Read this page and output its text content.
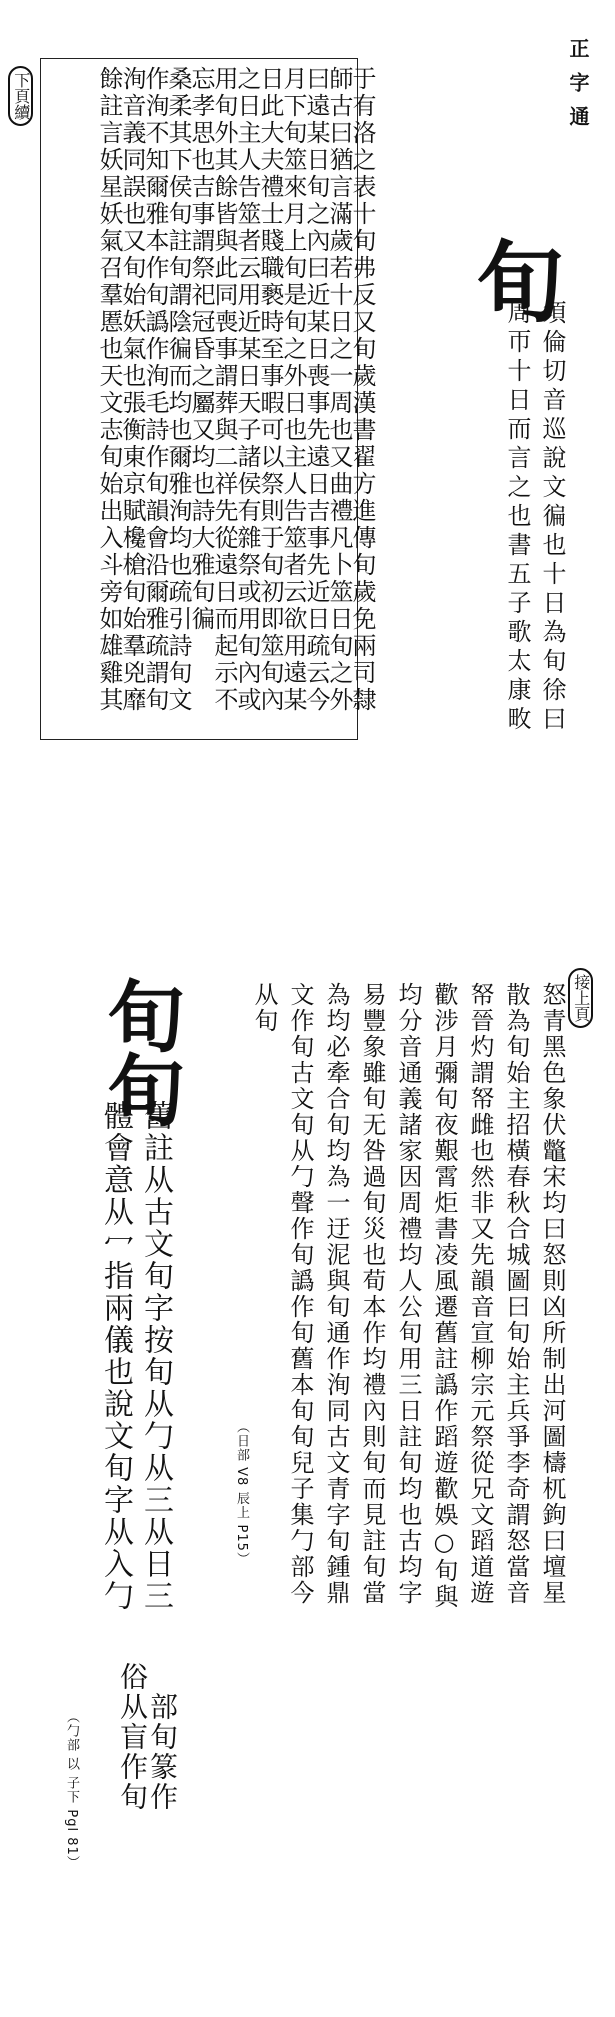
正字通
下頁續
旬
須倫切音巡說文徧也十日為旬徐曰
周帀十日而言之也書五子歌太康畋
于有洛之表十旬弗反又旬歲漢書翟方進傳旬歲免兩司隸
師古曰猶言滿歲若十日之一周也又曲禮凡卜筮日旬之外
曰遠某日旬之內曰近某日喪事先遠日吉事先近日疏云今
月下旬筮來月上旬是旬之外日也主人告筮者云欲用遠某
日此大夫禮士賤職褻時至事暇可以祭則于旬初即筮旬內
之日主人告筮者云用近某日天子諸侯有雜祭或用旬內或
用旬外其餘皆與此同喪事謂葬與二祥先從遠日而起示不
忘孝思也吉事謂祭祀冠昏之屬又均也詩大雅旬徧
桑柔其下侯旬註旬謂陰徧而均也爾雅洵均也疏引詩旬文
作洵不知爾雅本作旬譌作洵毛詩作旬韻會沿爾雅疏謂旬
洵音義同誤也又旬始妖氣也張衡東京賦欃槍旬始羣兇靡
餘註言妖星妖氣召羣慝也天文志旬始出入斗旁如雄雞其
接上頁
怒青黑色象伏鼈宋均曰怒則凶所制出河圖檮杌鉤曰壇星
散為旬始主招橫春秋合城圖曰旬始主兵爭李奇謂怒當音
帑晉灼謂帑雌也然非又先韻音宣柳宗元祭從兄文蹈道遊
歡涉月彌旬夜艱霄炬書凌風遷舊註譌作蹈遊歡娛○旬與
均分音通義諸家因周禮均人公旬用三日註旬均也古均字
易豐象雖旬无咎過旬災也荀本作均禮內則旬而見註旬當
為均必牽合旬均為一迂泥與旬通作洵同古文青字旬鍾鼎
文作旬古文旬从勹聲作旬譌作旬舊本旬旬兒子集勹部今
从旬
（日部 V8 辰上 P15）
旬
旬
舊註从古文旬字按旬从勹从三从日三
體會意从冖指兩儀也說文旬字从入勹
俗从盲作旬
部旬篆作
（勹部 以 子下 Pgl 81）
